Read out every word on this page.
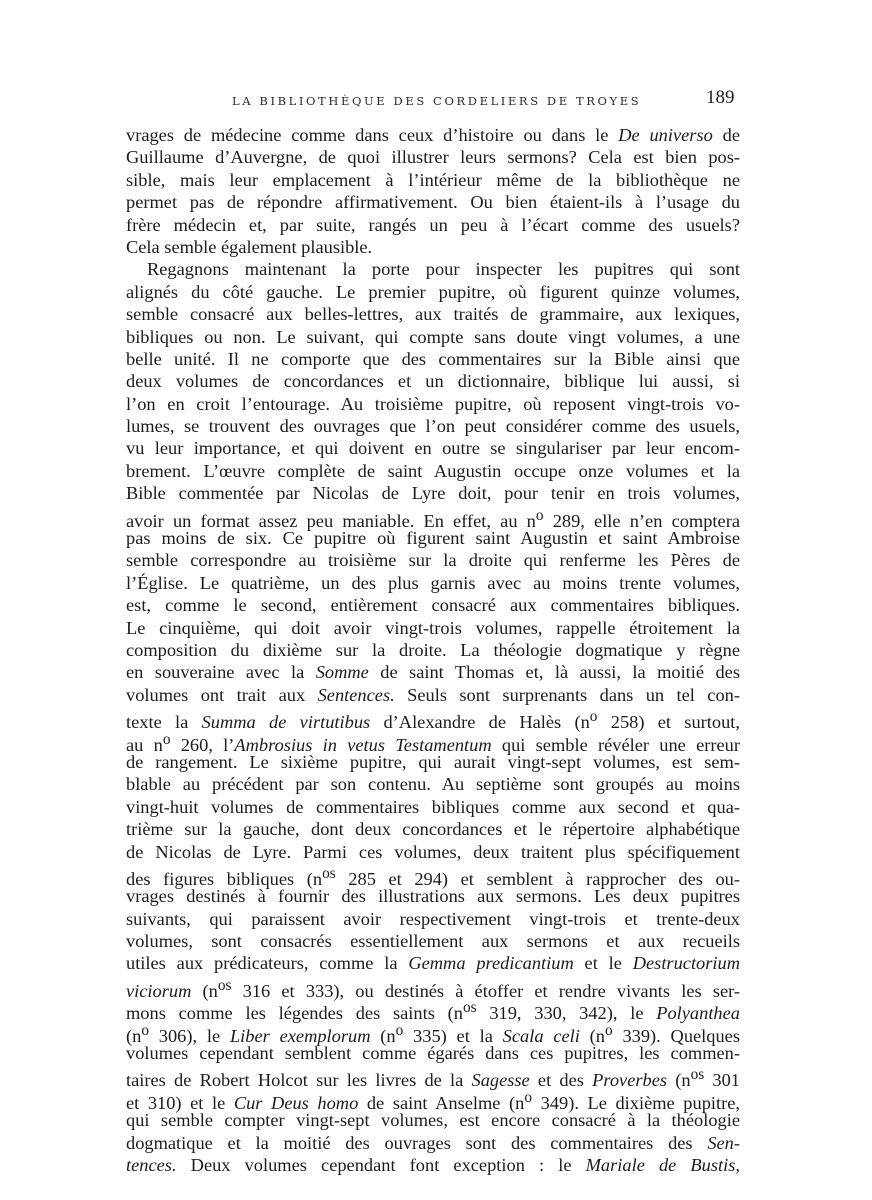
LA BIBLIOTHÈQUE DES CORDELIERS DE TROYES	189
vrages de médecine comme dans ceux d’histoire ou dans le De universo de
Guillaume d’Auvergne, de quoi illustrer leurs sermons? Cela est bien pos-
sible, mais leur emplacement à l’intérieur même de la bibliothèque ne
permet pas de répondre affirmativement. Ou bien étaient-ils à l’usage du
frère médecin et, par suite, rangés un peu à l’écart comme des usuels?
Cela semble également plausible.
Regagnons maintenant la porte pour inspecter les pupitres qui sont
alignés du côté gauche. Le premier pupitre, où figurent quinze volumes,
semble consacré aux belles-lettres, aux traités de grammaire, aux lexiques,
bibliques ou non. Le suivant, qui compte sans doute vingt volumes, a une
belle unité. Il ne comporte que des commentaires sur la Bible ainsi que
deux volumes de concordances et un dictionnaire, biblique lui aussi, si
l’on en croit l’entourage. Au troisième pupitre, où reposent vingt-trois vo-
lumes, se trouvent des ouvrages que l’on peut considérer comme des usuels,
vu leur importance, et qui doivent en outre se singulariser par leur encom-
brement. L’œuvre complète de saint Augustin occupe onze volumes et la
Bible commentée par Nicolas de Lyre doit, pour tenir en trois volumes,
avoir un format assez peu maniable. En effet, au $n^o$ 289, elle n’en comptera
pas moins de six. Ce pupitre où figurent saint Augustin et saint Ambroise
semble correspondre au troisième sur la droite qui renferme les Pères de
l’Église. Le quatrième, un des plus garnis avec au moins trente volumes,
est, comme le second, entièrement consacré aux commentaires bibliques.
Le cinquième, qui doit avoir vingt-trois volumes, rappelle étroitement la
composition du dixième sur la droite. La théologie dogmatique y règne
en souveraine avec la Somme de saint Thomas et, là aussi, la moitié des
volumes ont trait aux Sentences. Seuls sont surprenants dans un tel con-
texte la Summa de virtutibus d’Alexandre de Halès ($n^o$ 258) et surtout,
au $n^o$ 260, l’Ambrosius in vetus Testamentum qui semble révéler une erreur
de rangement. Le sixième pupitre, qui aurait vingt-sept volumes, est sem-
blable au précédent par son contenu. Au septième sont groupés au moins
vingt-huit volumes de commentaires bibliques comme aux second et qua-
trième sur la gauche, dont deux concordances et le répertoire alphabétique
de Nicolas de Lyre. Parmi ces volumes, deux traitent plus spécifiquement
des figures bibliques ($n^{os}$ 285 et 294) et semblent à rapprocher des ou-
vrages destinés à fournir des illustrations aux sermons. Les deux pupitres
suivants, qui paraissent avoir respectivement vingt-trois et trente-deux
volumes, sont consacrés essentiellement aux sermons et aux recueils
utiles aux prédicateurs, comme la Gemma predicantium et le Destructorium
viciorum ($n^{os}$ 316 et 333), ou destinés à étoffer et rendre vivants les ser-
mons comme les légendes des saints ($n^{os}$ 319, 330, 342), le Polyanthea
($n^o$ 306), le Liber exemplorum ($n^o$ 335) et la Scala celi ($n^o$ 339). Quelques
volumes cependant semblent comme égarés dans ces pupitres, les commen-
taires de Robert Holcot sur les livres de la Sagesse et des Proverbes ($n^{os}$ 301
et 310) et le Cur Deus homo de saint Anselme ($n^o$ 349). Le dixième pupitre,
qui semble compter vingt-sept volumes, est encore consacré à la théologie
dogmatique et la moitié des ouvrages sont des commentaires des Sen-
tences. Deux volumes cependant font exception : le Mariale de Bustis,
